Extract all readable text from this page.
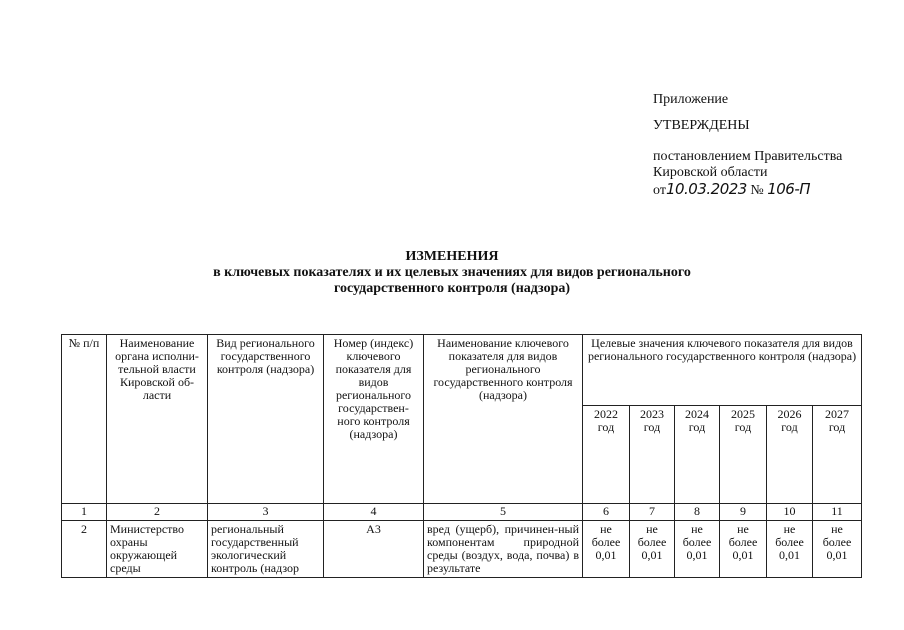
Приложение
УТВЕРЖДЕНЫ
постановлением Правительства
Кировской области
от10.03.2023 № 106-П
ИЗМЕНЕНИЯ
в ключевых показателях и их целевых значениях для видов регионального
государственного контроля (надзора)
№ п/п	Наименование органа исполни-тельной власти Кировской об-ласти	Вид регионального государственного контроля (надзора)	Номер (индекс) ключевого показателя для видов регионального государствен-ного контроля (надзора)	Наименование ключевого показателя для видов регионального государственного контроля (надзора)	Целевые значения ключевого показателя для видов регионального государственного контроля (надзора)					
					2022 год	2023 год	2024 год	2025 год	2026 год	2027 год
1	2	3	4	5	6	7	8	9	10	11

2	Министерство охраны окружающей среды	региональный государственный экологический контроль (надзор	А3	вред (ущерб), причинен-ный компонентам природной среды (воздух, вода, почва) в результате	не более 0,01	не более 0,01	не более 0,01	не более 0,01	не более 0,01	не более 0,01
